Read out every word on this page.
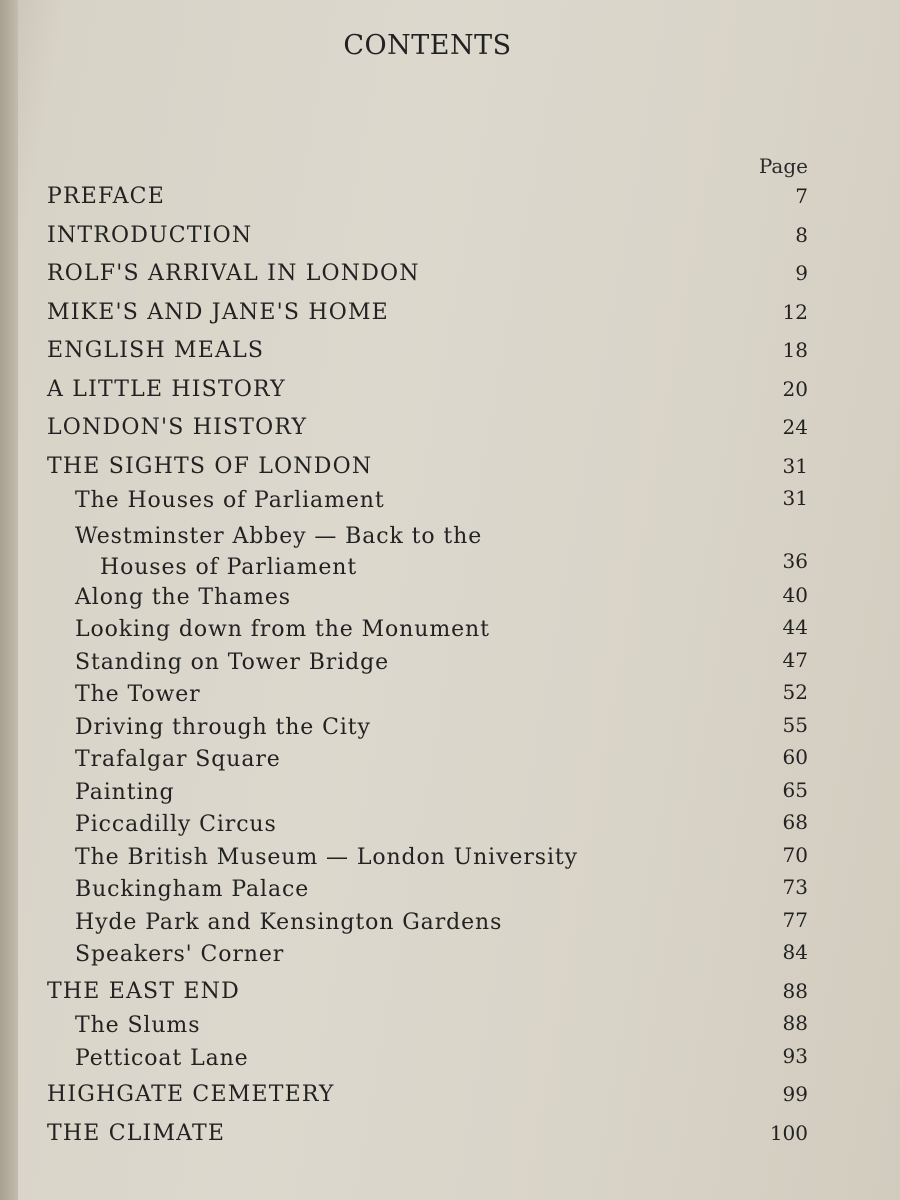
CONTENTS
Page
PREFACE	7
INTRODUCTION	8
ROLF'S ARRIVAL IN LONDON	9
MIKE'S AND JANE'S HOME	12
ENGLISH MEALS	18
A LITTLE HISTORY	20
LONDON'S HISTORY	24
THE SIGHTS OF LONDON	31
The Houses of Parliament	31
Westminster Abbey — Back to the
Houses of Parliament	36
Along the Thames	40
Looking down from the Monument	44
Standing on Tower Bridge	47
The Tower	52
Driving through the City	55
Trafalgar Square	60
Painting	65
Piccadilly Circus	68
The British Museum — London University	70
Buckingham Palace	73
Hyde Park and Kensington Gardens	77
Speakers' Corner	84
THE EAST END	88
The Slums	88
Petticoat Lane	93
HIGHGATE CEMETERY	99
THE CLIMATE	100
